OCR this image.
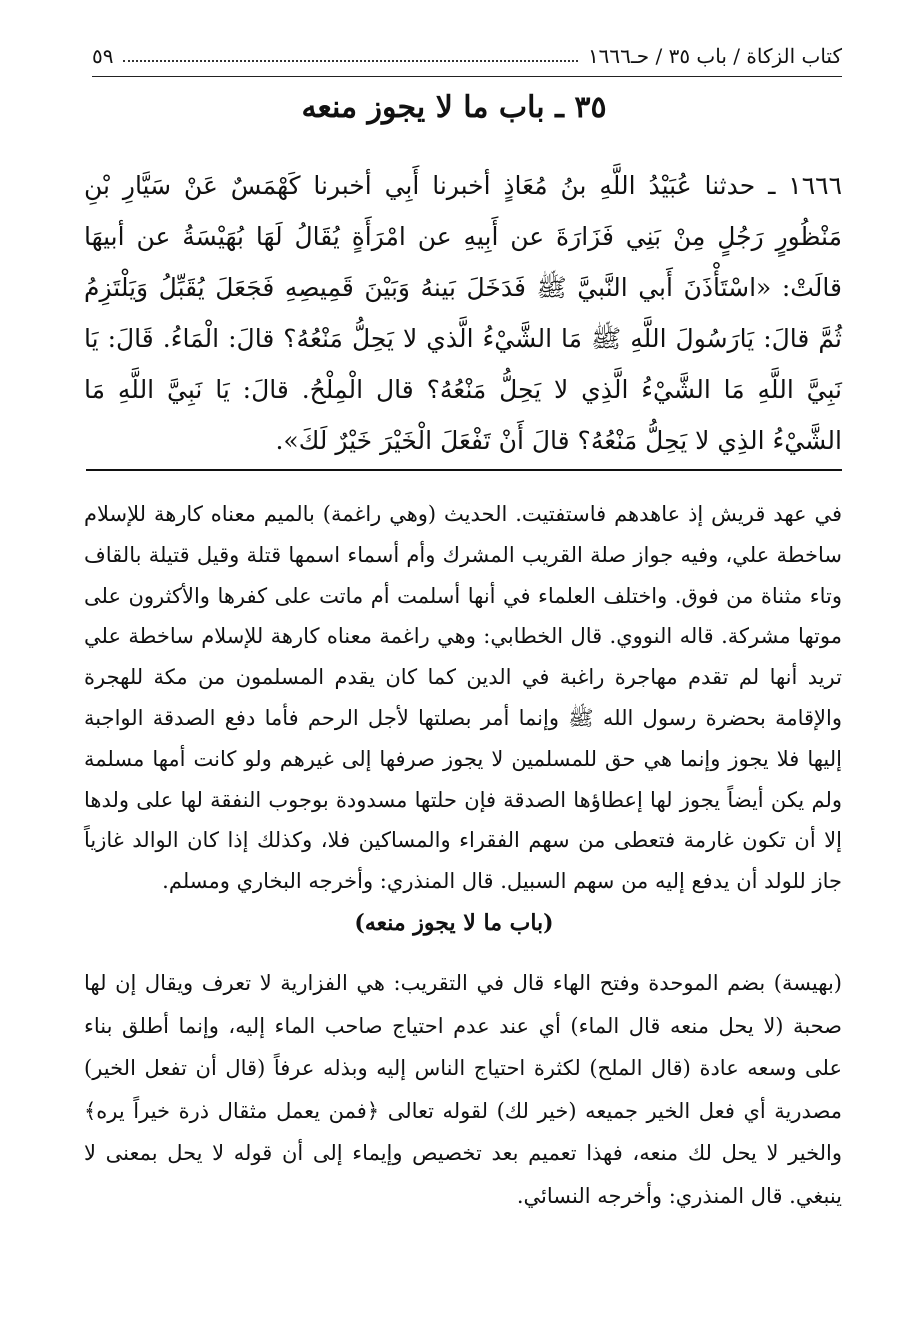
كتاب الزكاة / باب ٣٥ / حـ١٦٦٦
٥٩
٣٥ ـ باب ما لا يجوز منعه
١٦٦٦ ـ حدثنا عُبَيْدُ اللَّهِ بنُ مُعَاذٍ أخبرنا أَبِي أخبرنا كَهْمَسٌ عَنْ سَيَّارِ بْنِ مَنْظُورٍ رَجُلٍ مِنْ بَنِي فَزَارَةَ عن أَبِيهِ عن امْرَأَةٍ يُقَالُ لَهَا بُهَيْسَةُ عن أبيهَا قالَتْ: «اسْتَأْذَنَ أَبي النَّبيَّ ﷺ فَدَخَلَ بَينهُ وَبَيْنَ قَمِيصِهِ فَجَعَلَ يُقَبِّلُ وَيَلْتَزِمُ ثُمَّ قالَ: يَارَسُولَ اللَّهِ ﷺ مَا الشَّيْءُ الَّذي لا يَحِلُّ مَنْعُهُ؟ قالَ: الْمَاءُ. قَالَ: يَا نَبِيَّ اللَّهِ مَا الشَّيْءُ الَّذِي لا يَحِلُّ مَنْعُهُ؟ قال الْمِلْحُ. قالَ: يَا نَبِيَّ اللَّهِ مَا الشَّيْءُ الذِي لا يَحِلُّ مَنْعُهُ؟ قالَ أَنْ تَفْعَلَ الْخَيْرَ خَيْرٌ لَكَ».
في عهد قريش إذ عاهدهم فاستفتيت. الحديث (وهي راغمة) بالميم معناه كارهة للإسلام ساخطة علي، وفيه جواز صلة القريب المشرك وأم أسماء اسمها قتلة وقيل قتيلة بالقاف وتاء مثناة من فوق. واختلف العلماء في أنها أسلمت أم ماتت على كفرها والأكثرون على موتها مشركة. قاله النووي. قال الخطابي: وهي راغمة معناه كارهة للإسلام ساخطة علي تريد أنها لم تقدم مهاجرة راغبة في الدين كما كان يقدم المسلمون من مكة للهجرة والإقامة بحضرة رسول الله ﷺ وإنما أمر بصلتها لأجل الرحم فأما دفع الصدقة الواجبة إليها فلا يجوز وإنما هي حق للمسلمين لا يجوز صرفها إلى غيرهم ولو كانت أمها مسلمة ولم يكن أيضاً يجوز لها إعطاؤها الصدقة فإن حلتها مسدودة بوجوب النفقة لها على ولدها إلا أن تكون غارمة فتعطى من سهم الفقراء والمساكين فلا، وكذلك إذا كان الوالد غازياً جاز للولد أن يدفع إليه من سهم السبيل. قال المنذري: وأخرجه البخاري ومسلم.
(باب ما لا يجوز منعه)
(بهيسة) بضم الموحدة وفتح الهاء قال في التقريب: هي الفزارية لا تعرف ويقال إن لها صحبة (لا يحل منعه قال الماء) أي عند عدم احتياج صاحب الماء إليه، وإنما أطلق بناء على وسعه عادة (قال الملح) لكثرة احتياج الناس إليه وبذله عرفاً (قال أن تفعل الخير) مصدرية أي فعل الخير جميعه (خير لك) لقوله تعالى ﴿فمن يعمل مثقال ذرة خيراً يره﴾ والخير لا يحل لك منعه، فهذا تعميم بعد تخصيص وإيماء إلى أن قوله لا يحل بمعنى لا ينبغي. قال المنذري: وأخرجه النسائي.
